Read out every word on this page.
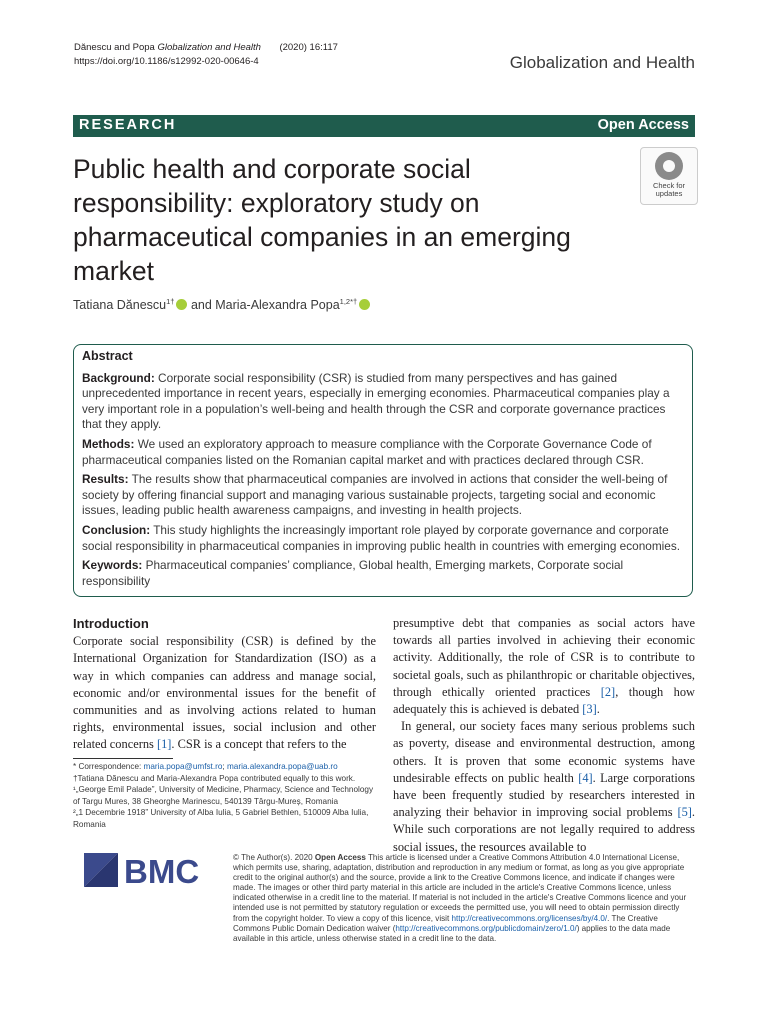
Dănescu and Popa Globalization and Health (2020) 16:117
https://doi.org/10.1186/s12992-020-00646-4	Globalization and Health
RESEARCH	Open Access
Public health and corporate social responsibility: exploratory study on pharmaceutical companies in an emerging market
Check for
updates
Tatiana Dănescu$^{1\dagger}$ and Maria-Alexandra Popa$^{1,2*\dagger}$
Abstract

Background: Corporate social responsibility (CSR) is studied from many perspectives and has gained unprecedented importance in recent years, especially in emerging economies. Pharmaceutical companies play a very important role in a population’s well-being and health through the CSR and corporate governance practices that they apply.

Methods: We used an exploratory approach to measure compliance with the Corporate Governance Code of pharmaceutical companies listed on the Romanian capital market and with practices declared through CSR.

Results: The results show that pharmaceutical companies are involved in actions that consider the well-being of society by offering financial support and managing various sustainable projects, targeting social and economic issues, leading public health awareness campaigns, and investing in health projects.

Conclusion: This study highlights the increasingly important role played by corporate governance and corporate social responsibility in pharmaceutical companies in improving public health in countries with emerging economies.

Keywords: Pharmaceutical companies’ compliance, Global health, Emerging markets, Corporate social responsibility

Introduction

Corporate social responsibility (CSR) is defined by the International Organization for Standardization (ISO) as a way in which companies can address and manage social, economic and/or environmental issues for the benefit of communities and as involving actions related to human rights, environmental issues, social inclusion and other related concerns [1]. CSR is a concept that refers to the

* Correspondence: maria.popa@umfst.ro; maria.alexandra.popa@uab.ro

†Tatiana Dănescu and Maria-Alexandra Popa contributed equally to this work.

¹„George Emil Palade”, University of Medicine, Pharmacy, Science and Technology of Targu Mures, 38 Gheorghe Marinescu, 540139 Târgu-Mureș, Romania

²„1 Decembrie 1918” University of Alba Iulia, 5 Gabriel Bethlen, 510009 Alba Iulia, Romania

presumptive debt that companies as social actors have towards all parties involved in achieving their economic activity. Additionally, the role of CSR is to contribute to societal goals, such as philanthropic or charitable objectives, through ethically oriented practices [2], though how adequately this is achieved is debated [3].

In general, our society faces many serious problems such as poverty, disease and environmental destruction, among others. It is proven that some economic systems have undesirable effects on public health [4]. Large corporations have been frequently studied by researchers interested in analyzing their behavior in improving social problems [5]. While such corporations are not legally required to address social issues, the resources available to

BMC	© The Author(s). 2020 Open Access This article is licensed under a Creative Commons Attribution 4.0 International License, which permits use, sharing, adaptation, distribution and reproduction in any medium or format, as long as you give appropriate credit to the original author(s) and the source, provide a link to the Creative Commons licence, and indicate if changes were made. The images or other third party material in this article are included in the article's Creative Commons licence, unless indicated otherwise in a credit line to the material. If material is not included in the article's Creative Commons licence and your intended use is not permitted by statutory regulation or exceeds the permitted use, you will need to obtain permission directly from the copyright holder. To view a copy of this licence, visit http://creativecommons.org/licenses/by/4.0/. The Creative Commons Public Domain Dedication waiver (http://creativecommons.org/publicdomain/zero/1.0/) applies to the data made available in this article, unless otherwise stated in a credit line to the data.
